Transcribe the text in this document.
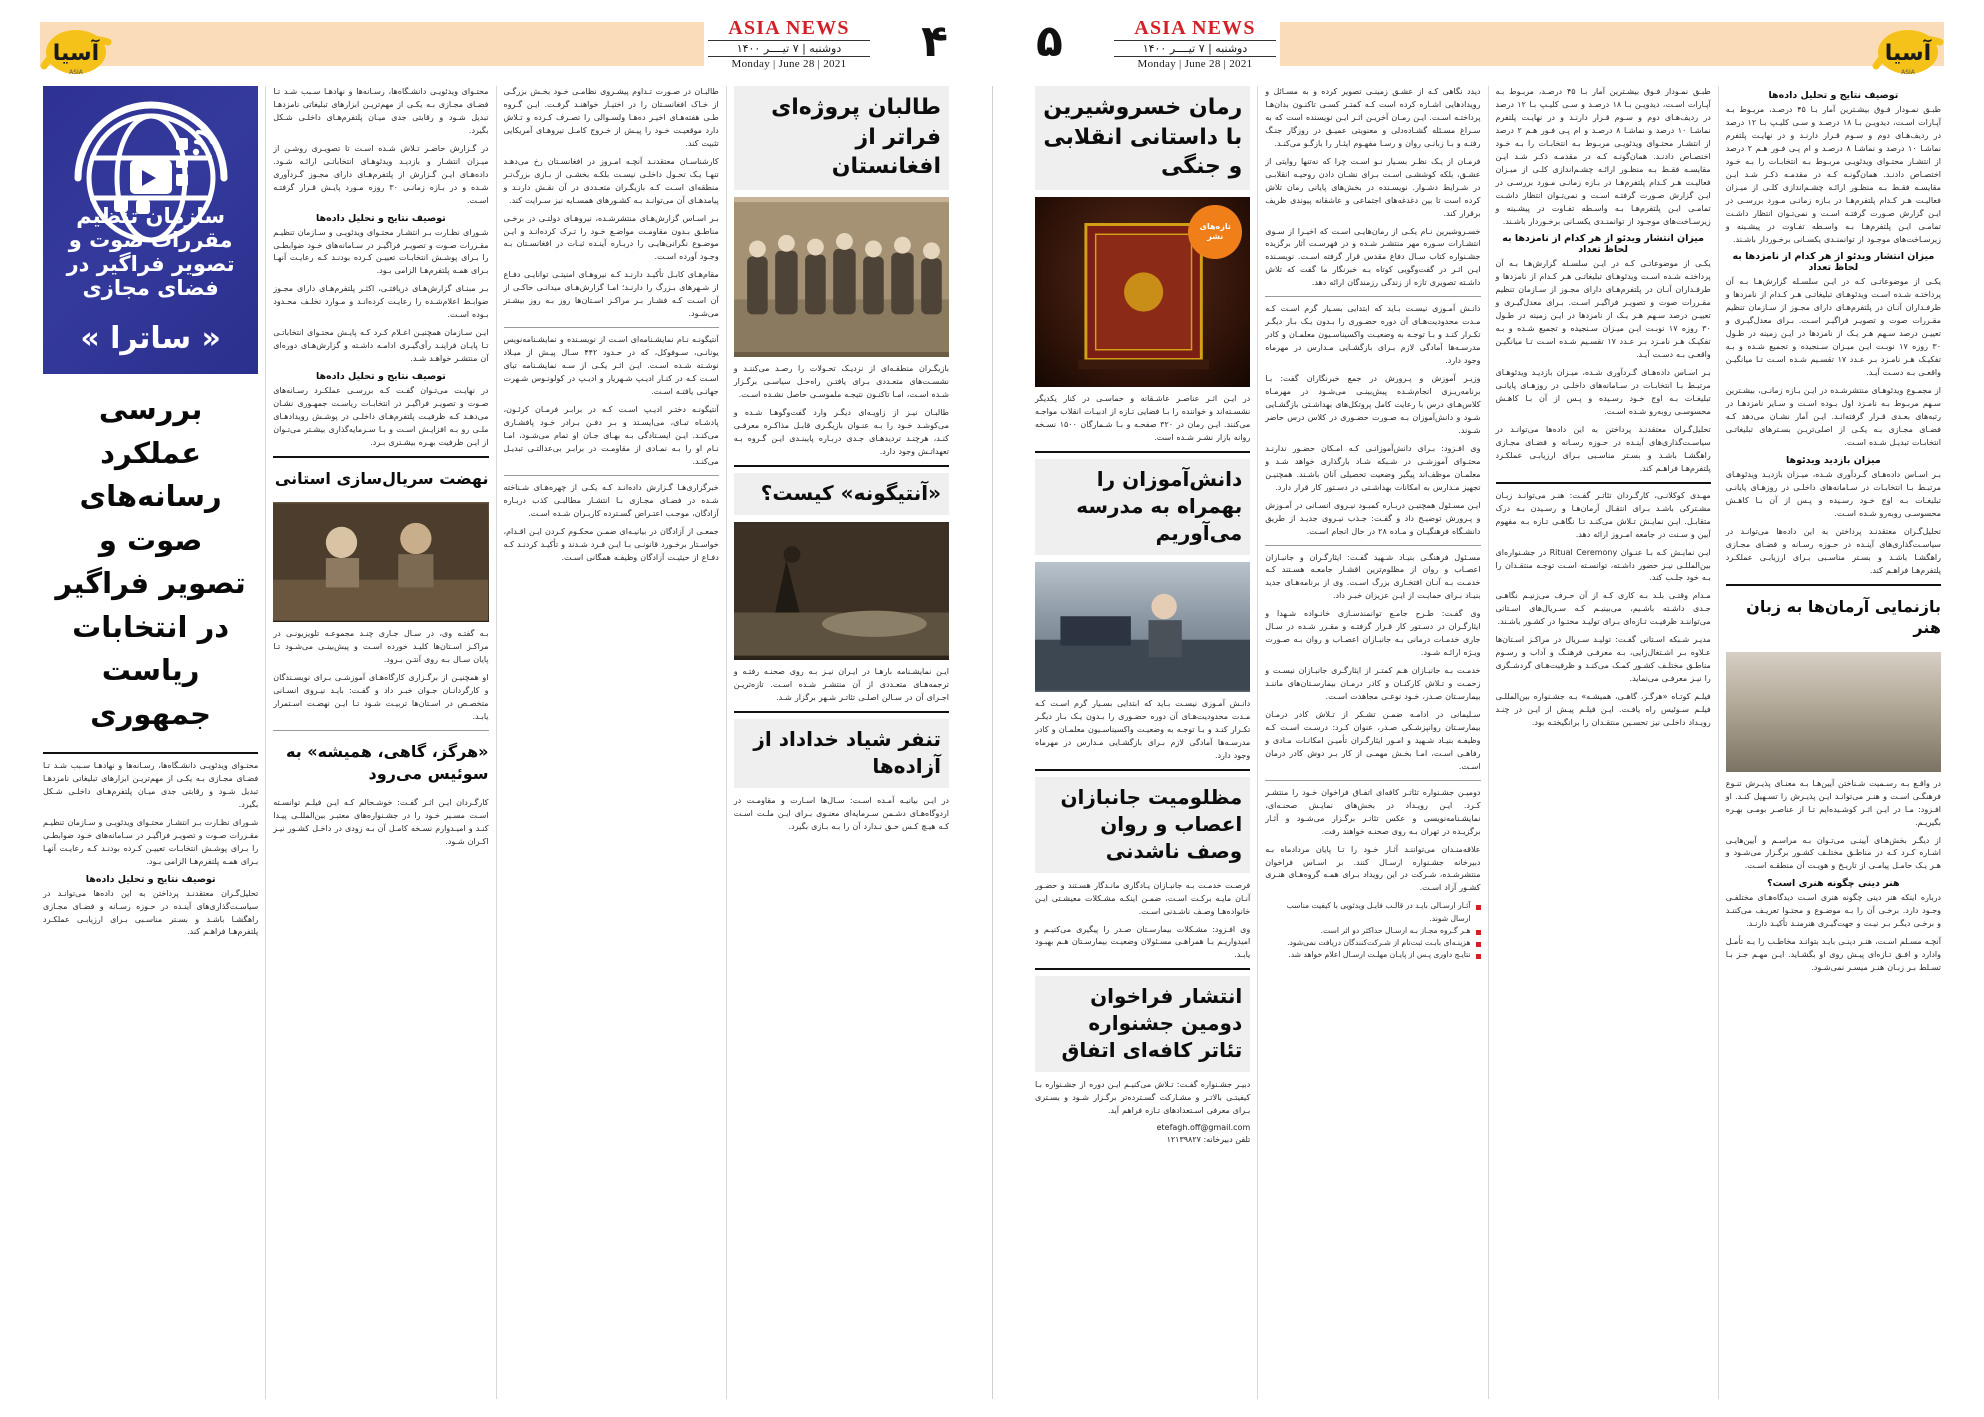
۵	ASIA NEWS
دوشنبه | ۷ تیــــر ۱۴۰۰
Monday | June 28 | 2021	آسیا
ASIA
توصیف نتایج و تحلیل داده‌ها
طبـق نمـودار فـوق بیشـترین آمار بـا ۴۵ درصـد، مربـوط بـه آپـارات اسـت، دیدویـن بـا ۱۸ درصـد و سـی کلیـپ بـا ۱۲ درصد در ردیف‌هـای دوم و سـوم قـرار دارنـد و در نهایـت پلتفرم نماشـا ۱۰ درصد و نماشـا ۸ درصـد و ام پـی فـور هـم ۲ درصد از انتشـار محتـوای ویدئویـی مربـوط بـه انتخابـات را بـه خـود اختصـاص دادنـد. همان‌گونـه کـه در مقدمـه ذکـر شـد ایـن مقایسـه فقـط بـه منظـور ارائـه چشـم‌اندازی کلـی از میـزان فعالیـت هـر کـدام پلتفرم‌هـا در بـازه زمانـی مـورد بررسـی در ایـن گزارش صـورت گرفتـه اسـت و نمی‌تـوان انتظار داشـت تمامـی ایـن پلتفرم‌هـا بـه واسـطه تفـاوت در پیشـینه و زیرسـاخت‌های موجـود از توانمنـدی یکسـانی برخـوردار باشـند.
میزان انتشار ویدئو از هر کدام از نامزدها به لحاظ تعداد
یکـی از موضوعاتـی کـه در ایـن سلسـله گزارش‌هـا بـه آن پرداختـه شـده اسـت ویدئوهـای تبلیغاتـی هـر کـدام از نامزدها و طرفـداران آنـان در پلتفرم‌هـای دارای مجـوز از سـازمان تنظیم مقـررات صوت و تصویـر فراگیـر اسـت. بـرای معدل‌گیـری و تعییـن درصد سـهم هـر یـک از نامزدها در ایـن زمینه در طـول ۳۰ روزه ۱۷ نوبـت ایـن میـزان سـنجیده و تجمیع شـده و بـه تفکیـک هـر نامـزد بـر عـدد ۱۷ تقسـیم شـده اسـت تـا میانگیـن واقعـی بـه دسـت آیـد.
از مجمـوع ویدئوهـای منتشرشـده در ایـن بـازه زمانـی، بیشـترین سـهم مربـوط بـه نامـزد اول بـوده اسـت و سـایر نامزدهـا در رتبه‌های بعـدی قـرار گرفته‌انـد. ایـن آمار نشـان می‌دهد کـه فضـای مجـازی بـه یکـی از اصلی‌تریـن بسـترهای تبلیغاتـی انتخابـات تبدیـل شـده اسـت.
میزان بازدید ویدئوها
بـر اسـاس داده‌هـای گـردآوری شـده، میـزان بازدیـد ویدئوهـای مرتبـط بـا انتخابـات در سـامانه‌های داخلـی در روزهـای پایانـی تبلیغـات بـه اوج خـود رسـیده و پـس از آن بـا کاهـش محسوسـی روبه‌رو شـده اسـت.
تحلیل‌گـران معتقدنـد پرداختن به این داده‌ها می‌توانـد در سیاسـت‌گذاری‌های آینـده در حـوزه رسـانه و فضـای مجـازی راهگشـا باشـد و بسـتر مناسـبی بـرای ارزیابـی عملکـرد پلتفرم‌هـا فراهـم کند.
بازنمایی آرمان‌ها به زبان هنر
در واقـع بـه رسـمیت شـناختن آیین‌هـا بـه معنـای پذیـرش تنـوع فرهنگـی اسـت و هنـر می‌توانـد ایـن پذیـرش را تسـهیل کنـد. او افـزود: مـا در ایـن اثـر کوشـیده‌ایم تـا از عناصـر بومـی بهـره بگیریـم.
از دیگـر بخش‌هـای آیینـی می‌تـوان بـه مراسـم و آیین‌هایـی اشـاره کـرد کـه در مناطـق مختلـف کشـور برگـزار می‌شـود و هـر یـک حامـل پیامـی از تاریـخ و هویـت آن منطقـه اسـت.
هنر دینی چگونه هنری است؟
درباره اینکه هنر دینی چگونه هنری اسـت دیدگاه‌هـای مختلفـی وجـود دارد. برخـی آن را بـه موضـوع و محتـوا تعریـف می‌کننـد و برخـی دیگـر بـر نیـت و جهت‌گیـری هنرمنـد تأکیـد دارنـد.
آنچـه مسـلم اسـت، هنـر دینـی بایـد بتوانـد مخاطـب را بـه تأمـل وادارد و افـق تـازه‌ای پیـش روی او بگشـاید. ایـن مهـم جـز بـا تسـلط بـر زبـان هنـر میسـر نمی‌شـود.
طبـق نمـودار فـوق بیشـترین آمار بـا ۴۵ درصـد، مربـوط بـه آپـارات اسـت، دیدویـن بـا ۱۸ درصـد و سـی کلیـپ بـا ۱۲ درصد در ردیف‌هـای دوم و سـوم قـرار دارنـد و در نهایـت پلتفرم نماشـا ۱۰ درصد و نماشـا ۸ درصـد و ام پـی فـور هـم ۲ درصد از انتشـار محتـوای ویدئویـی مربـوط بـه انتخابـات را بـه خـود اختصـاص دادنـد. همان‌گونـه کـه در مقدمـه ذکـر شـد ایـن مقایسـه فقـط بـه منظـور ارائـه چشـم‌اندازی کلـی از میـزان فعالیـت هـر کـدام پلتفرم‌هـا در بـازه زمانـی مـورد بررسـی در ایـن گزارش صـورت گرفتـه اسـت و نمی‌تـوان انتظار داشـت تمامـی ایـن پلتفرم‌هـا بـه واسـطه تفـاوت در پیشـینه و زیرسـاخت‌های موجـود از توانمنـدی یکسـانی برخـوردار باشـند.
میزان انتشار ویدئو از هر کدام از نامزدها به لحاظ تعداد
یکـی از موضوعاتـی کـه در ایـن سلسـله گزارش‌هـا بـه آن پرداختـه شـده اسـت ویدئوهـای تبلیغاتـی هـر کـدام از نامزدها و طرفـداران آنـان در پلتفرم‌هـای دارای مجـوز از سـازمان تنظیم مقـررات صوت و تصویـر فراگیـر اسـت. بـرای معدل‌گیـری و تعییـن درصد سـهم هـر یـک از نامزدها در ایـن زمینه در طـول ۳۰ روزه ۱۷ نوبـت ایـن میـزان سـنجیده و تجمیع شـده و بـه تفکیـک هـر نامـزد بـر عـدد ۱۷ تقسـیم شـده اسـت تـا میانگیـن واقعـی بـه دسـت آیـد.
بـر اسـاس داده‌هـای گـردآوری شـده، میـزان بازدیـد ویدئوهـای مرتبـط بـا انتخابـات در سـامانه‌های داخلـی در روزهـای پایانـی تبلیغـات بـه اوج خـود رسـیده و پـس از آن بـا کاهـش محسوسـی روبه‌رو شـده اسـت.
تحلیل‌گـران معتقدنـد پرداختن به این داده‌ها می‌توانـد در سیاسـت‌گذاری‌های آینـده در حـوزه رسـانه و فضـای مجـازی راهگشـا باشـد و بسـتر مناسـبی بـرای ارزیابـی عملکـرد پلتفرم‌هـا فراهـم کند.
مهـدی کوکلانـی، کارگـردان تئاتـر گفـت: هنـر می‌توانـد زبـان مشـترکی باشـد بـرای انتقـال آرمان‌هـا و رسـیدن بـه درک متقابـل. ایـن نمایـش تـلاش می‌کنـد تـا نگاهـی تـازه بـه مفهوم آیین و سـنت در جامعه امـروز ارائه دهد.
ایـن نمایـش کـه بـا عنـوان Ritual Ceremony در جشـنواره‌ای بین‌المللـی نیـز حضور داشـته، توانسـته اسـت توجـه منتقـدان را بـه خود جلـب کند.
مـدام وقتـی بلـد بـه کاری کـه از آن حـرف می‌زنیـم نگاهـی جـدی داشـته باشـیم، می‌بینیـم کـه سـریال‌های اسـتانی می‌تواننـد ظرفیـت تـازه‌ای بـرای تولیـد محتـوا در کشـور باشـند.
مدیـر شـبکه اسـتانی گفـت: تولیـد سـریال در مراکـز اسـتان‌ها عـلاوه بـر اشـتغال‌زایی، بـه معرفـی فرهنـگ و آداب و رسـوم مناطـق مختلـف کشـور کمـک می‌کنـد و ظرفیت‌هـای گردشـگری را نیـز معرفـی می‌نماید.
فیلـم کوتـاه «هرگـز، گاهـی، همیشـه» بـه جشـنواره بین‌المللـی فیلـم سـوئیس راه یافـت. ایـن فیلـم پیـش از ایـن در چنـد رویـداد داخلـی نیز تحسـین منتقـدان را برانگیختـه بود.
دیدد نگاهی کـه از عشـق زمینـی تصویر کرده و به مسـائل و رویدادهایی اشـاره کرده است کـه کمتـر کسـی تاکنـون بدان‌هـا پرداختـه اسـت. ایـن رمـان آخریـن اثـر ایـن نویسنده است که به سـراغ مسـئله گشـاده‌دلی و معنویتی عمیـق در روزگار جنـگ رفتـه و بـا زبانـی روان و رسـا مفهـوم ایثـار را بازگـو می‌کنـد.
فرمـان از یـک نظـر بسـیار نـو اسـت چرا که نه‌تنها روایتی از عشـق، بلکه کوششـی اسـت بـرای نشـان دادن روحیـه انقلابـی در شـرایط دشـوار. نویسـنده در بخش‌های پایانی رمان تلاش کرده است تا بین دغدغه‌های اجتماعی و عاشقانه پیوندی ظریف برقرار کند.
خسـروشیرین نـام یکـی از رمان‌هایـی اسـت که اخیـرا از سـوی انتشـارات سـوره مهر منتشـر شـده و در فهرسـت آثار برگزیده جشـنواره کتاب سـال دفاع مقدس قرار گرفته اسـت. نویسـنده ایـن اثـر در گفت‌وگویی کوتاه بـه خبرنگار ما گفت که تلاش داشـته تصویری تازه از زندگی رزمندگان ارائه دهد.
دانـش آمـوزی نیسـت بـاید که ابتدایی بسـیار گرم اسـت کـه مـدت محدودیت‌هـای آن دوره حضـوری را بـدون یـک بـار دیگـر تکـرار کنـد و بـا توجـه به وضعیـت واکسیناسـیون معلمـان و کادر مدرسـه‌ها آمادگی لازم بـرای بازگشـایی مـدارس در مهرماه وجود دارد.
وزیـر آموزش و پـرورش در جمع خبرنگاران گفت: بـا برنامه‌ریـزی انجام‌شـده پیش‌بینـی می‌شـود در مهرمـاه کلاس‌هـای درس با رعایت کامل پروتکل‌های بهداشـتی بازگشـایی شـود و دانش‌آموزان بـه صـورت حضـوری در کلاس درس حاضر شـوند.
وی افـزود: بـرای دانش‌آموزانـی کـه امـکان حضـور ندارنـد محتـوای آموزشـی در شـبکه شـاد بارگذاری خواهد شـد و معلمـان موظف‌اند پیگیر وضعیت تحصیلی آنان باشـند. همچنیـن تجهیز مـدارس به امکانات بهداشـتی در دسـتور کار قرار دارد.
ایـن مسـئول همچنیـن دربـاره کمبـود نیـروی انسـانی در آمـوزش و پـرورش توضیـح داد و گفـت: جـذب نیـروی جدیـد از طریق دانشـگاه فرهنگیـان و مـاده ۲۸ در حال انجام اسـت.
مسـئول فرهنگـی بنیـاد شـهید گفـت: ایثارگـران و جانبـازان اعصـاب و روان از مظلوم‌ترین اقشـار جامعـه هسـتند کـه خدمـت بـه آنـان افتخـاری بزرگ اسـت. وی از برنامه‌هـای جدید بنیـاد بـرای حمایـت از ایـن عزیزان خبـر داد.
وی گفـت: طـرح جامـع توانمندسـازی خانـواده شـهدا و ایثارگـران در دسـتور کار قـرار گرفتـه و مقـرر شـده در سـال جاری خدمـات درمانی بـه جانبـازان اعصـاب و روان بـه صـورت ویـژه ارائـه شـود.
خدمـت بـه جانبـازان هـم کمتـر از ایثارگـری جانبـازان نیسـت و زحمـت و تـلاش کارکنـان و کادر درمـان بیمارسـتان‌های ماننـد بیمارسـتان صـدر، خـود نوعـی مجاهدت اسـت.
سـلیمانی در ادامـه ضمـن تشـکر از تـلاش کادر درمـان بیمارسـتان روانپزشـکی صـدر، عنوان کـرد: درسـت اسـت کـه وظیفـه بنیـاد شـهید و امـور ایثارگـران تأمیـن امکانـات مـادی و رفاهـی اسـت، امـا بخـش مهمـی از کار بـر دوش کادر درمان اسـت.
دومیـن جشـنواره تئاتـر کافه‌ای اتفـاق فراخوان خـود را منتشـر کـرد. ایـن رویـداد در بخش‌های نمایـش صحنـه‌ای، نمایشـنامه‌نویسی و عکس تئاتـر برگـزار می‌شـود و آثـار برگزیـده در تهران بـه روی صحنـه خواهند رفت.
علاقه‌منـدان می‌تواننـد آثـار خـود را تـا پایان مردادماه بـه دبیرخانه جشـنواره ارسـال کنند. بر اسـاس فراخوان منتشرشـده، شـرکت در این رویداد بـرای همـه گروه‌هـای هنـری کشـور آزاد اسـت.
آثـار ارسـالی بایـد در قالـب فایـل ویدئویی با کیفیت مناسب ارسال شوند.
هـر گـروه مجـاز بـه ارسـال حداکثر دو اثر است.
هزینـه‌ای بابـت ثبت‌نام از شـرکت‌کنندگان دریافت نمی‌شود.
نتایـج داوری پـس از پایـان مهلـت ارسـال اعلام خواهد شد.
رمان خسروشیرین با داستانی انقلابی و جنگی
تازه‌های نشر
در ایـن اثـر عناصـر عاشـقانه و حماسـی در کنار یکدیگر نشسـته‌اند و خواننده را بـا فضایی تـازه از ادبیـات انقلاب مواجـه می‌کنند. ایـن رمان در ۳۲۰ صفحـه و بـا شـمارگان ۱۵۰۰ نسـخه روانه بازار نشـر شـده است.
دانش‌آموزان را بهمراه به مدرسه می‌آوریم
دانـش آمـوزی نیسـت بـاید که ابتدایی بسـیار گرم اسـت کـه مـدت محدودیت‌هـای آن دوره حضـوری را بـدون یـک بـار دیگـر تکـرار کنـد و بـا توجـه به وضعیـت واکسیناسـیون معلمـان و کادر مدرسـه‌ها آمادگی لازم بـرای بازگشـایی مـدارس در مهرماه وجود دارد.
مظلومیت جانبازان اعصاب و روان وصف ناشدنی
فرصـت خدمـت بـه جانبـازان یـادگاری مانـدگار هسـتند و حضـور آنـان مایـه برکـت اسـت، ضمـن اینکـه مشـکلات معیشـتی ایـن خانواده‌هـا وصـف ناشـدنی اسـت.
وی افـزود: مشـکلات بیمارسـتان صـدر را پیگیری می‌کنیـم و امیدواریـم بـا همراهـی مسـئولان وضعیـت بیمارسـتان هـم بهبـود یابـد.
انتشار فراخوان دومین جشنواره تئاتر کافه‌ای اتفاق
دبیـر جشـنواره گفـت: تـلاش می‌کنیـم ایـن دوره از جشـنواره بـا کیفیتـی بالاتـر و مشـارکت گسـترده‌تر برگـزار شـود و بسـتری بـرای معرفی اسـتعدادهای تـازه فراهم آید.
etefagh.off@gmail.com
تلفن دبیرخانه: ۱۲۱۳۹۸۲۷
۴
ASIA NEWS
دوشنبه | ۷ تیــــر ۱۴۰۰
Monday | June 28 | 2021
آسیا
ASIA
طالبان پروژه‌ای فراتر از افغانستان
بازیگـران منطقـه‌ای از نزدیـک تحـولات را رصـد می‌کننـد و نشسـت‌های متعـددی بـرای یافتـن راه‌حـل سیاسـی برگـزار شـده اسـت، امـا تاکنـون نتیجـه ملموسـی حاصل نشـده اسـت.
طالبـان نیـز از زاویـه‌ای دیگـر وارد گفت‌وگوهـا شـده و می‌کوشـد خـود را بـه عنـوان بازیگـری قابـل مذاکـره معرفـی کنـد، هرچنـد تردیدهـای جـدی دربـاره پایبنـدی ایـن گـروه بـه تعهداتـش وجود دارد.
«آنتیگونه» کیست؟
ایـن نمایشـنامه بارهـا در ایـران نیـز بـه روی صحنـه رفتـه و ترجمه‌هـای متعـددی از آن منتشـر شـده اسـت. تازه‌تریـن اجـرای آن در سـالن اصلـی تئاتـر شـهر برگزار شـد.
تنفر شیاد خداداد از آزاده‌ها
در ایـن بیانیـه آمـده اسـت: سـال‌ها اسـارت و مقاومـت در اردوگاه‌هـای دشـمن سـرمایه‌ای معنـوی بـرای ایـن ملـت اسـت کـه هیـچ کـس حـق نـدارد آن را بـه بـازی بگیرد.
طالبـان در صـورت تـداوم پیشـروی نظامـی خـود بخـش بزرگـی از خـاک افغانسـتان را در اختیـار خواهنـد گرفـت. ایـن گـروه طـی هفته‌هـای اخیـر ده‌هـا ولسـوالی را تصـرف کـرده و تـلاش دارد موقعیـت خـود را پیـش از خـروج کامـل نیروهـای آمریکایی تثبیت کند.
کارشناسـان معتقدنـد آنچـه امـروز در افغانسـتان رخ می‌دهـد تنهـا یـک تحـول داخلـی نیسـت بلکـه بخشـی از بـازی بزرگ‌تـر منطقه‌ای اسـت کـه بازیگـران متعـددی در آن نقـش دارنـد و پیامدهـای آن می‌توانـد بـه کشـورهای همسـایه نیز سـرایت کند.
بـر اسـاس گزارش‌هـای منتشرشـده، نیروهـای دولتـی در برخـی مناطـق بـدون مقاومـت مواضـع خـود را تـرک کرده‌انـد و ایـن موضـوع نگرانی‌هایـی را دربـاره آینـده ثبـات در افغانسـتان بـه وجـود آورده اسـت.
مقام‌هـای کابـل تأکیـد دارنـد کـه نیروهـای امنیتـی توانایـی دفـاع از شـهرهای بـزرگ را دارنـد؛ امـا گزارش‌هـای میدانـی حاکـی از آن اسـت کـه فشـار بـر مراکـز اسـتان‌ها روز بـه روز بیشـتر می‌شـود.
آنتیگونـه نـام نمایشـنامه‌ای اسـت از نویسـنده و نمایشـنامه‌نویس یونانـی، سـوفوکل، که در حـدود ۴۴۲ سـال پیـش از میـلاد نوشـته شـده اسـت. ایـن اثـر یکـی از سـه نمایشـنامه تبای اسـت کـه در کنـار ادیـپ شـهریار و ادیـپ در کولونـوس شـهرت جهانـی یافتـه اسـت.
آنتیگونـه دختـر ادیـپ اسـت کـه در برابـر فرمـان کرئـون، پادشـاه تبـای، می‌ایسـتد و بـر دفـن بـرادر خـود پافشـاری می‌کنـد. ایـن ایسـتادگی بـه بهـای جـان او تمام می‌شـود، امـا نـام او را بـه نمـادی از مقاومـت در برابـر بی‌عدالتـی تبدیـل می‌کنـد.
خبرگزاری‌هـا گـزارش داده‌انـد کـه یکـی از چهره‌هـای شـناخته شـده در فضـای مجـازی بـا انتشـار مطالبـی کذب دربـاره آزادگان، موجـب اعتـراض گسـترده کاربـران شـده اسـت.
جمعـی از آزادگان در بیانیـه‌ای ضمـن محکـوم کـردن ایـن اقـدام، خواسـتار برخـورد قانونـی بـا ایـن فـرد شـدند و تأکیـد کردنـد کـه دفـاع از حیثیـت آزادگان وظیفـه همگانی اسـت.
محتـوای ویدئویـی دانشـگاه‌ها، رسـانه‌ها و نهادهـا سـبب شـد تـا فضـای مجـازی بـه یکـی از مهم‌تریـن ابزارهای تبلیغاتی نامزدهـا تبدیل شـود و رقابتی جدی میـان پلتفرم‌هـای داخلـی شـکل بگیرد.
در گـزارش حاضـر تـلاش شـده اسـت تا تصویـری روشـن از میـزان انتشـار و بازدیـد ویدئوهـای انتخاباتـی ارائـه شـود. داده‌هـای ایـن گـزارش از پلتفرم‌هـای دارای مجـوز گـردآوری شـده و در بـازه زمانـی ۳۰ روزه مـورد پایـش قـرار گرفتـه اسـت.
توصیف نتایج و تحلیل داده‌ها
شـورای نظـارت بـر انتشـار محتـوای ویدئویـی و سـازمان تنظیـم مقـررات صـوت و تصویـر فراگیـر در سـامانه‌های خـود ضوابطـی را بـرای پوشـش انتخابـات تعییـن کـرده بودنـد کـه رعایـت آنهـا بـرای همـه پلتفرم‌هـا الزامی بـود.
بـر مبنـای گزارش‌هـای دریافتـی، اکثـر پلتفرم‌هـای دارای مجـوز ضوابـط اعلام‌شـده را رعایـت کرده‌انـد و مـوارد تخلـف محـدود بـوده اسـت.
ایـن سـازمان همچنیـن اعـلام کـرد کـه پایـش محتـوای انتخاباتـی تـا پایـان فراینـد رأی‌گیـری ادامـه داشـته و گزارش‌هـای دوره‌ای آن منتشـر خواهـد شـد.
توصیف نتایج و تحلیل داده‌ها
در نهایـت می‌تـوان گفـت کـه بررسـی عملکـرد رسـانه‌های صـوت و تصویـر فراگیـر در انتخابـات ریاسـت جمهـوری نشـان می‌دهـد کـه ظرفیـت پلتفرم‌هـای داخلـی در پوشـش رویدادهـای ملـی رو بـه افزایـش اسـت و بـا سـرمایه‌گذاری بیشـتر می‌تـوان از ایـن ظرفیت بهـره بیشـتری بـرد.
نهضت سریال‌سازی استانی
بـه گفتـه وی، در سـال جـاری چنـد مجموعـه تلویزیونـی در مراکـز اسـتان‌ها کلیـد خورده اسـت و پیش‌بینـی می‌شـود تـا پایان سـال بـه روی آنتـن بـرود.
او همچنیـن از برگـزاری کارگاه‌هـای آموزشـی بـرای نویسـندگان و کارگردانـان جـوان خبـر داد و گفـت: بایـد نیـروی انسـانی متخصـص در اسـتان‌ها تربیـت شـود تـا ایـن نهضـت اسـتمرار یابـد.
«هرگز، گاهی، همیشه» به سوئیس می‌رود
کارگـردان ایـن اثـر گفـت: خوشـحالم کـه ایـن فیلـم توانسـته اسـت مسـیر خـود را در جشـنواره‌های معتبـر بین‌المللـی پیـدا کنـد و امیـدوارم نسـخه کامـل آن بـه زودی در داخـل کشـور نیـز اکـران شـود.
سازمان تنظیم مقررات صوت و تصویر فراگیر در فضای مجازی
« ساترا »
بررسی عملکرد رسانه‌های صوت و تصویر فراگیر در انتخابات ریاست جمهوری
محتـوای ویدئویـی دانشـگاه‌ها، رسـانه‌ها و نهادهـا سـبب شـد تـا فضـای مجـازی بـه یکـی از مهم‌تریـن ابزارهای تبلیغاتی نامزدهـا تبدیل شـود و رقابتی جدی میـان پلتفرم‌هـای داخلـی شـکل بگیرد.
شـورای نظـارت بـر انتشـار محتـوای ویدئویـی و سـازمان تنظیـم مقـررات صـوت و تصویـر فراگیـر در سـامانه‌های خـود ضوابطـی را بـرای پوشـش انتخابـات تعییـن کـرده بودنـد کـه رعایـت آنهـا بـرای همـه پلتفرم‌هـا الزامی بـود.
توصیف نتایج و تحلیل داده‌ها
تحلیل‌گـران معتقدنـد پرداختن به این داده‌ها می‌توانـد در سیاسـت‌گذاری‌های آینـده در حـوزه رسـانه و فضـای مجـازی راهگشـا باشـد و بسـتر مناسـبی بـرای ارزیابـی عملکـرد پلتفرم‌هـا فراهـم کند.
